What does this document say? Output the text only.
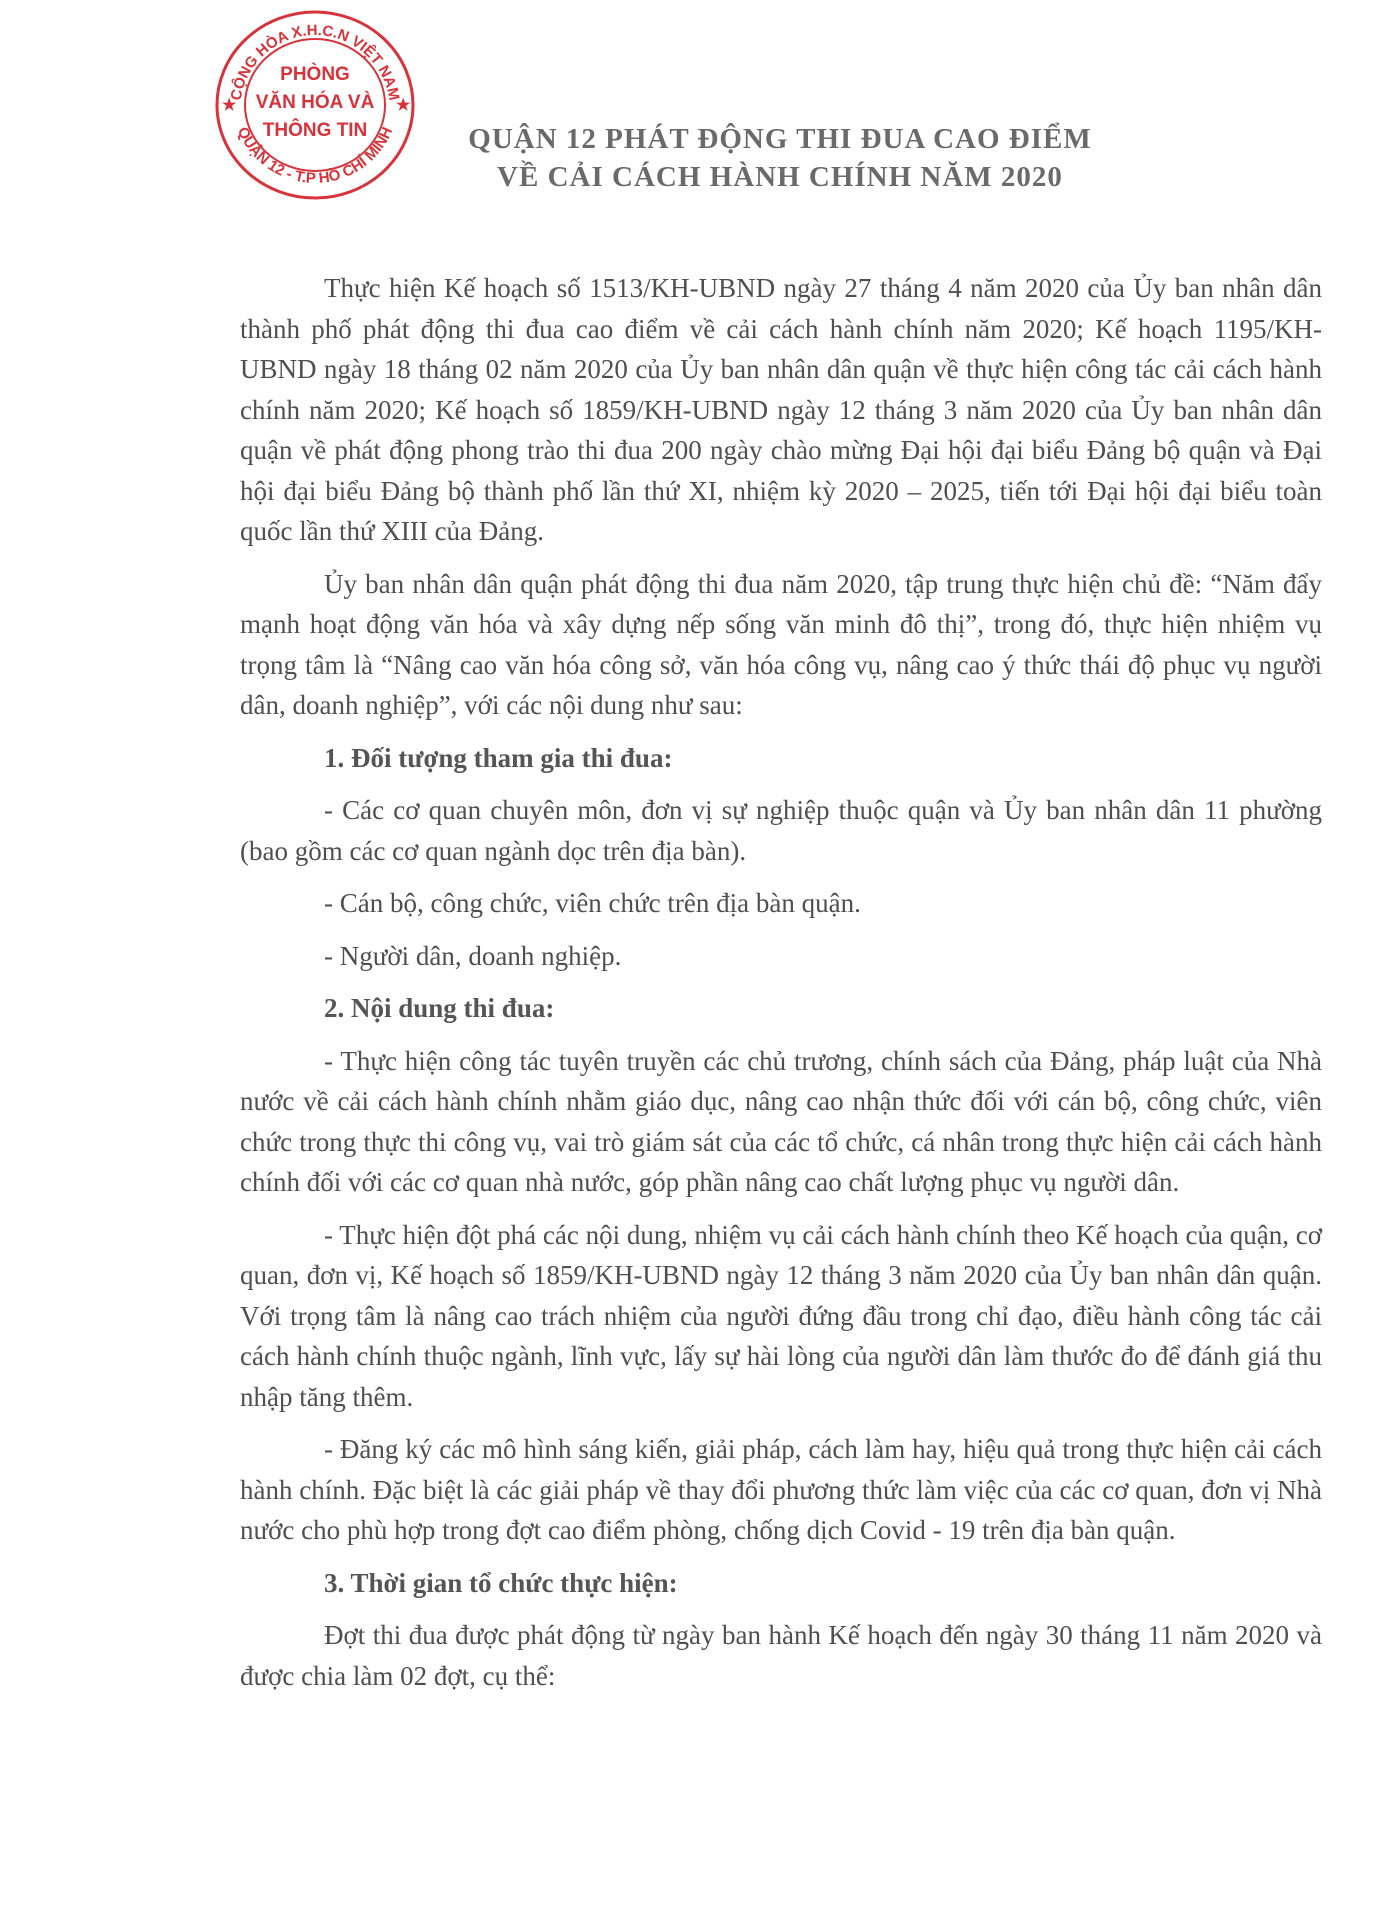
CỘNG HÒA X.H.C.N VIỆT NAM
QUẬN 12 - T.P HỒ CHÍ MINH
★	★
PHÒNG
VĂN HÓA VÀ
THÔNG TIN	QUẬN 12 PHÁT ĐỘNG THI ĐUA CAO ĐIỂM
VỀ CẢI CÁCH HÀNH CHÍNH NĂM 2020

Thực hiện Kế hoạch số 1513/KH-UBND ngày 27 tháng 4 năm 2020 của Ủy ban nhân dân thành phố phát động thi đua cao điểm về cải cách hành chính năm 2020; Kế hoạch 1195/KH-UBND ngày 18 tháng 02 năm 2020 của Ủy ban nhân dân quận về thực hiện công tác cải cách hành chính năm 2020; Kế hoạch số 1859/KH-UBND ngày 12 tháng 3 năm 2020 của Ủy ban nhân dân quận về phát động phong trào thi đua 200 ngày chào mừng Đại hội đại biểu Đảng bộ quận và Đại hội đại biểu Đảng bộ thành phố lần thứ XI, nhiệm kỳ 2020 – 2025, tiến tới Đại hội đại biểu toàn quốc lần thứ XIII của Đảng.

Ủy ban nhân dân quận phát động thi đua năm 2020, tập trung thực hiện chủ đề: “Năm đẩy mạnh hoạt động văn hóa và xây dựng nếp sống văn minh đô thị”, trong đó, thực hiện nhiệm vụ trọng tâm là “Nâng cao văn hóa công sở, văn hóa công vụ, nâng cao ý thức thái độ phục vụ người dân, doanh nghiệp”, với các nội dung như sau:

1. Đối tượng tham gia thi đua:

- Các cơ quan chuyên môn, đơn vị sự nghiệp thuộc quận và Ủy ban nhân dân 11 phường (bao gồm các cơ quan ngành dọc trên địa bàn).

- Cán bộ, công chức, viên chức trên địa bàn quận.

- Người dân, doanh nghiệp.

2. Nội dung thi đua:

- Thực hiện công tác tuyên truyền các chủ trương, chính sách của Đảng, pháp luật của Nhà nước về cải cách hành chính nhằm giáo dục, nâng cao nhận thức đối với cán bộ, công chức, viên chức trong thực thi công vụ, vai trò giám sát của các tổ chức, cá nhân trong thực hiện cải cách hành chính đối với các cơ quan nhà nước, góp phần nâng cao chất lượng phục vụ người dân.

- Thực hiện đột phá các nội dung, nhiệm vụ cải cách hành chính theo Kế hoạch của quận, cơ quan, đơn vị, Kế hoạch số 1859/KH-UBND ngày 12 tháng 3 năm 2020 của Ủy ban nhân dân quận. Với trọng tâm là nâng cao trách nhiệm của người đứng đầu trong chỉ đạo, điều hành công tác cải cách hành chính thuộc ngành, lĩnh vực, lấy sự hài lòng của người dân làm thước đo để đánh giá thu nhập tăng thêm.

- Đăng ký các mô hình sáng kiến, giải pháp, cách làm hay, hiệu quả trong thực hiện cải cách hành chính. Đặc biệt là các giải pháp về thay đổi phương thức làm việc của các cơ quan, đơn vị Nhà nước cho phù hợp trong đợt cao điểm phòng, chống dịch Covid - 19 trên địa bàn quận.

3. Thời gian tổ chức thực hiện:

Đợt thi đua được phát động từ ngày ban hành Kế hoạch đến ngày 30 tháng 11 năm 2020 và được chia làm 02 đợt, cụ thể:
